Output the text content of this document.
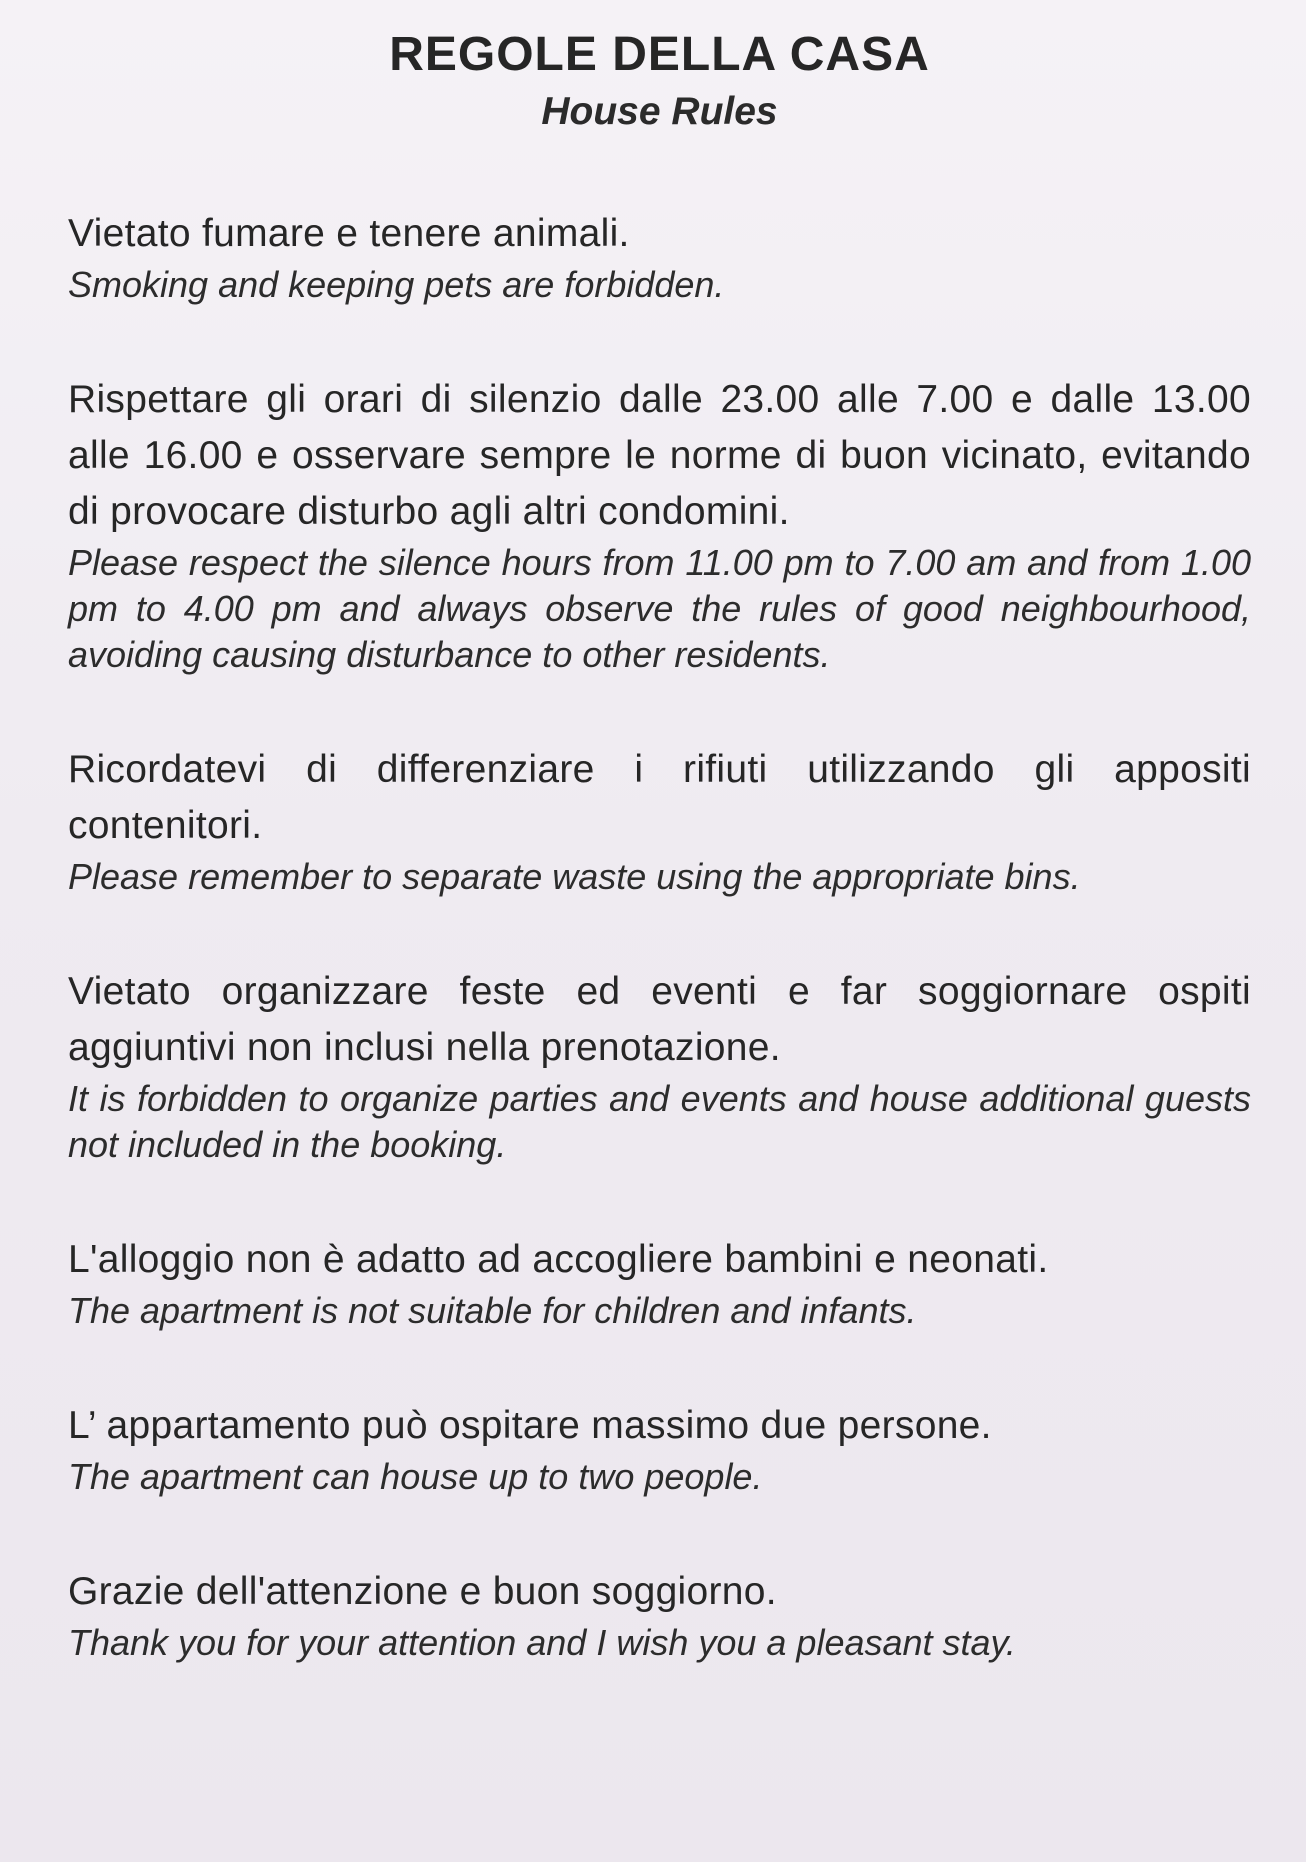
REGOLE DELLA CASA
House Rules

Vietato fumare e tenere animali.

Smoking and keeping pets are forbidden.

Rispettare gli orari di silenzio dalle 23.00 alle 7.00 e dalle 13.00 alle 16.00 e osservare sempre le norme di buon vicinato, evitando di provocare disturbo agli altri condomini.

Please respect the silence hours from 11.00 pm to 7.00 am and from 1.00 pm to 4.00 pm and always observe the rules of good neighbourhood, avoiding causing disturbance to other residents.

Ricordatevi di differenziare i rifiuti utilizzando gli appositi contenitori.

Please remember to separate waste using the appropriate bins.

Vietato organizzare feste ed eventi e far soggiornare ospiti aggiuntivi non inclusi nella prenotazione.

It is forbidden to organize parties and events and house additional guests not included in the booking.

L'alloggio non è adatto ad accogliere bambini e neonati.

The apartment is not suitable for children and infants.

L’ appartamento può ospitare massimo due persone.

The apartment can house up to two people.

Grazie dell'attenzione e buon soggiorno.

Thank you for your attention and I wish you a pleasant stay.
